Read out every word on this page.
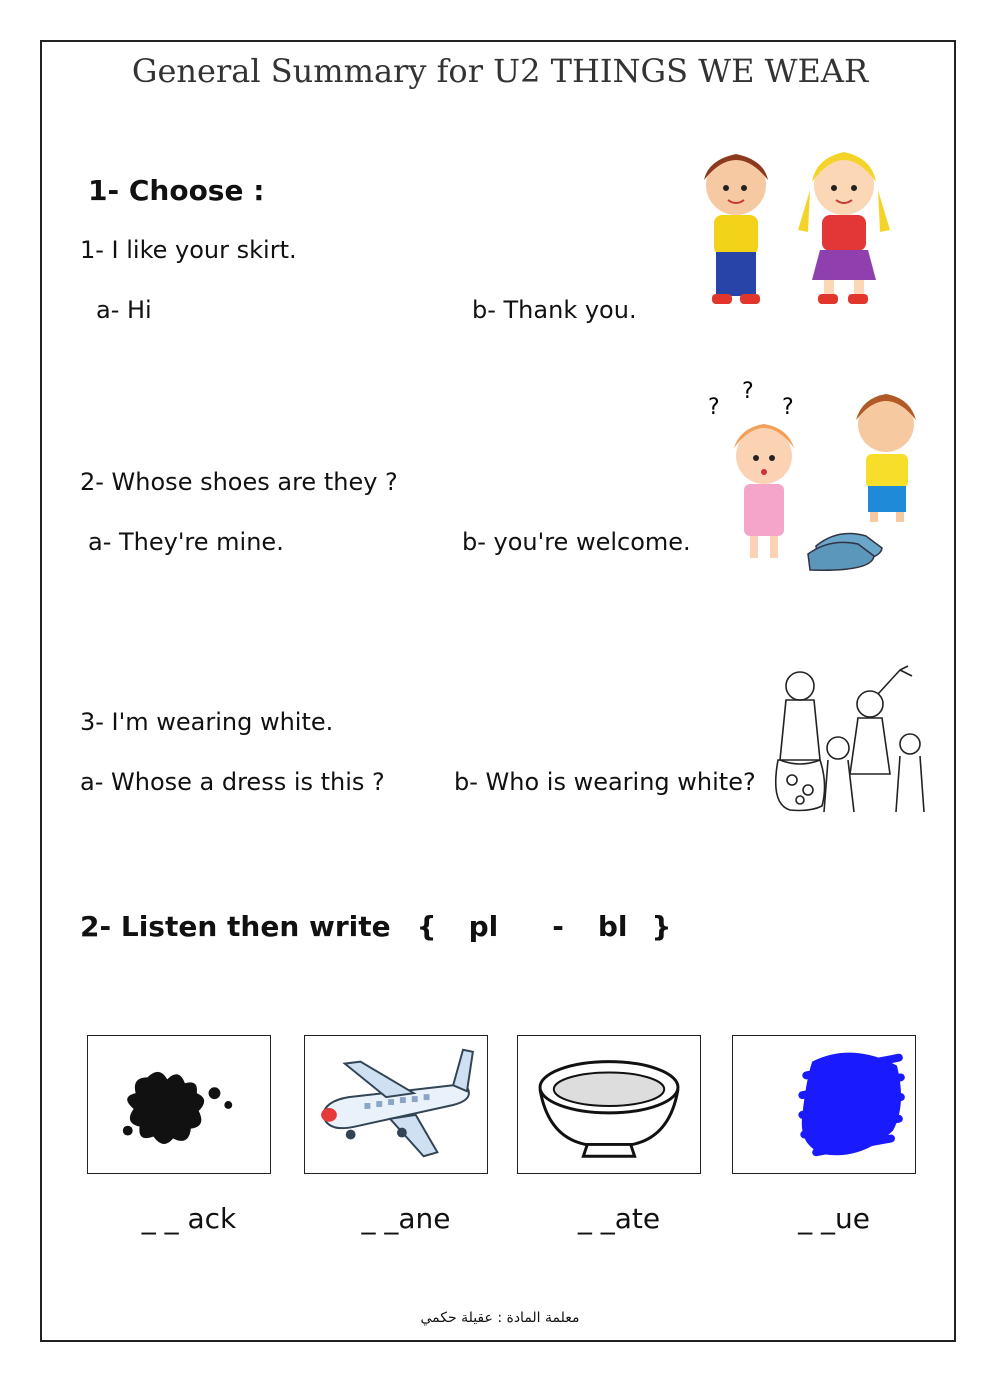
General Summary for U2 THINGS WE WEAR
1- Choose :
1- I like your skirt.
a- Hi	b- Thank you.
2- Whose shoes are they ?
a- They're mine.	b- you're welcome.
?
?
?
3- I'm wearing white.
a- Whose a dress is this ?	b- Who is wearing white?
2- Listen then write { pl - bl }
_ _ ack	_ _ane	_ _ate	_ _ue
معلمة المادة : عقيلة حكمي
